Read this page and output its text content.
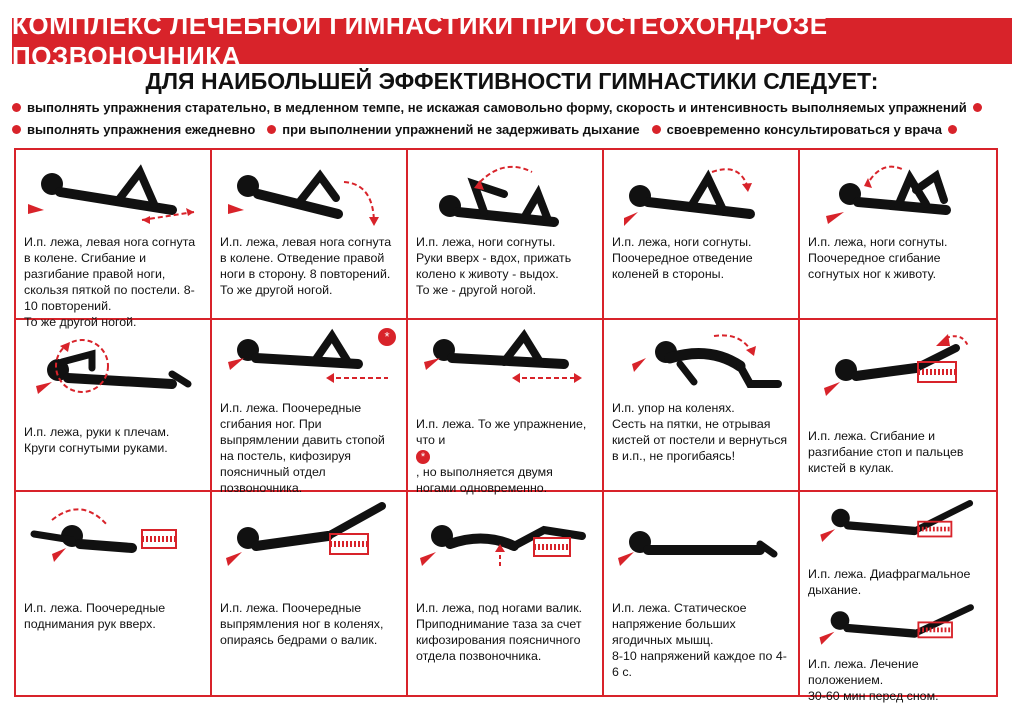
КОМПЛЕКС ЛЕЧЕБНОЙ ГИМНАСТИКИ ПРИ ОСТЕОХОНДРОЗЕ ПОЗВОНОЧНИКА
ДЛЯ НАИБОЛЬШЕЙ ЭФФЕКТИВНОСТИ ГИМНАСТИКИ СЛЕДУЕТ:
выполнять упражнения старательно, в медленном темпе, не искажая самовольно форму, скорость и интенсивность выполняемых упражнений
выполнять упражнения ежедневно при выполнении упражнений не задерживать дыхание своевременно консультироваться у врача
И.п. лежа, левая нога согнута в колене. Сгибание и разгибание правой ноги, скользя пяткой по постели. 8-10 повторений.
То же другой ногой.
И.п. лежа, левая нога согнута в колене. Отведение правой ноги в сторону. 8 повторений.
То же другой ногой.
И.п. лежа, ноги согнуты.
Руки вверх - вдох, прижать колено к животу - выдох.
То же - другой ногой.
И.п. лежа, ноги согнуты.
Поочередное отведение коленей в стороны.
И.п. лежа, ноги согнуты.
Поочередное сгибание согнутых ног к животу.
И.п. лежа, руки к плечам.
Круги согнутыми руками.
*
И.п. лежа. Поочередные сгибания ног. При выпрямлении давить стопой на постель, кифозируя поясничный отдел позвоночника.

И.п. лежа. То же упражнение, что и
*
, но выполняется двумя ногами одновременно.

И.п. упор на коленях.
Сесть на пятки, не отрывая кистей от постели и вернуться в и.п., не прогибаясь!
И.п. лежа. Сгибание и разгибание стоп и пальцев кистей в кулак.
И.п. лежа. Поочередные поднимания рук вверх.
И.п. лежа. Поочередные выпрямления ног в коленях, опираясь бедрами о валик.
И.п. лежа, под ногами валик. Приподнимание таза за счет кифозирования поясничного отдела позвоночника.
И.п. лежа. Статическое напряжение больших ягодичных мышц.
8-10 напряжений каждое по 4-6 с.
И.п. лежа. Диафрагмальное дыхание.
И.п. лежа. Лечение положением.
30-60 мин перед сном.
